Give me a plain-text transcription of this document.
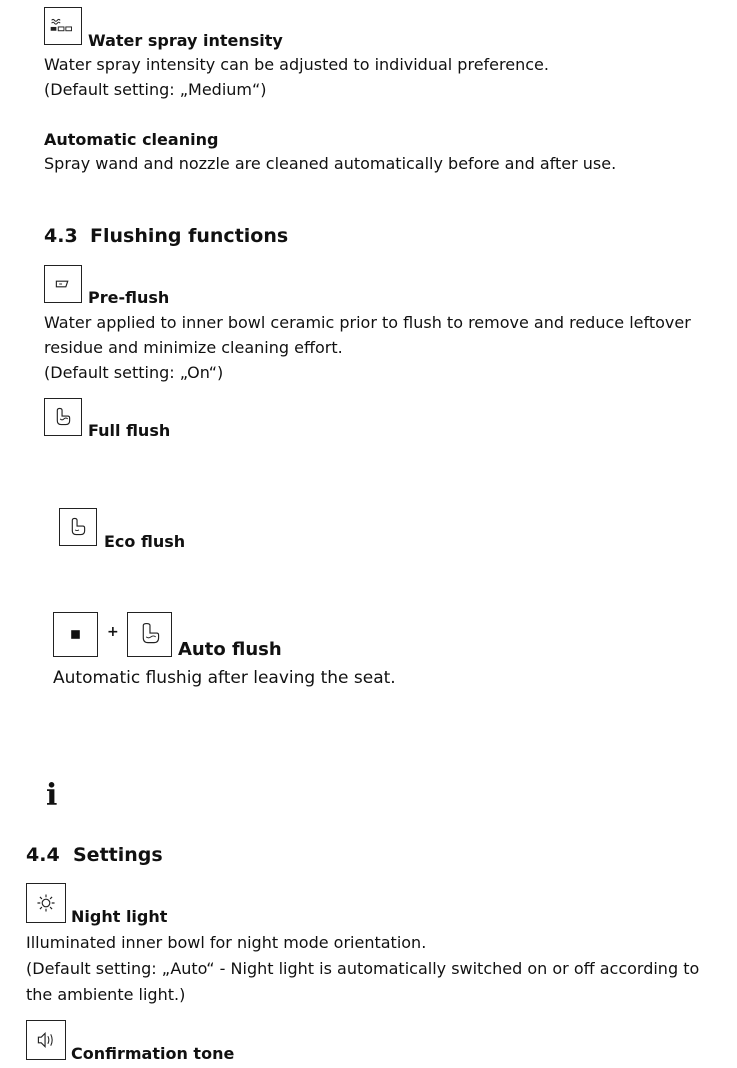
Water spray intensity
Water spray intensity can be adjusted to individual preference.
(Default setting: „Medium“)
Automatic cleaning
Spray wand and nozzle are cleaned automatically before and after use.
4.3 Flushing functions
Pre-flush
Water applied to inner bowl ceramic prior to flush to remove and reduce leftover
residue and minimize cleaning effort.
(Default setting: „On“)
Full flush
Eco flush
+
Auto flush
Automatic flushig after leaving the seat.
i
4.4 Settings
Night light
Illuminated inner bowl for night mode orientation.
(Default setting: „Auto“ - Night light is automatically switched on or off according to
the ambiente light.)
Confirmation tone
